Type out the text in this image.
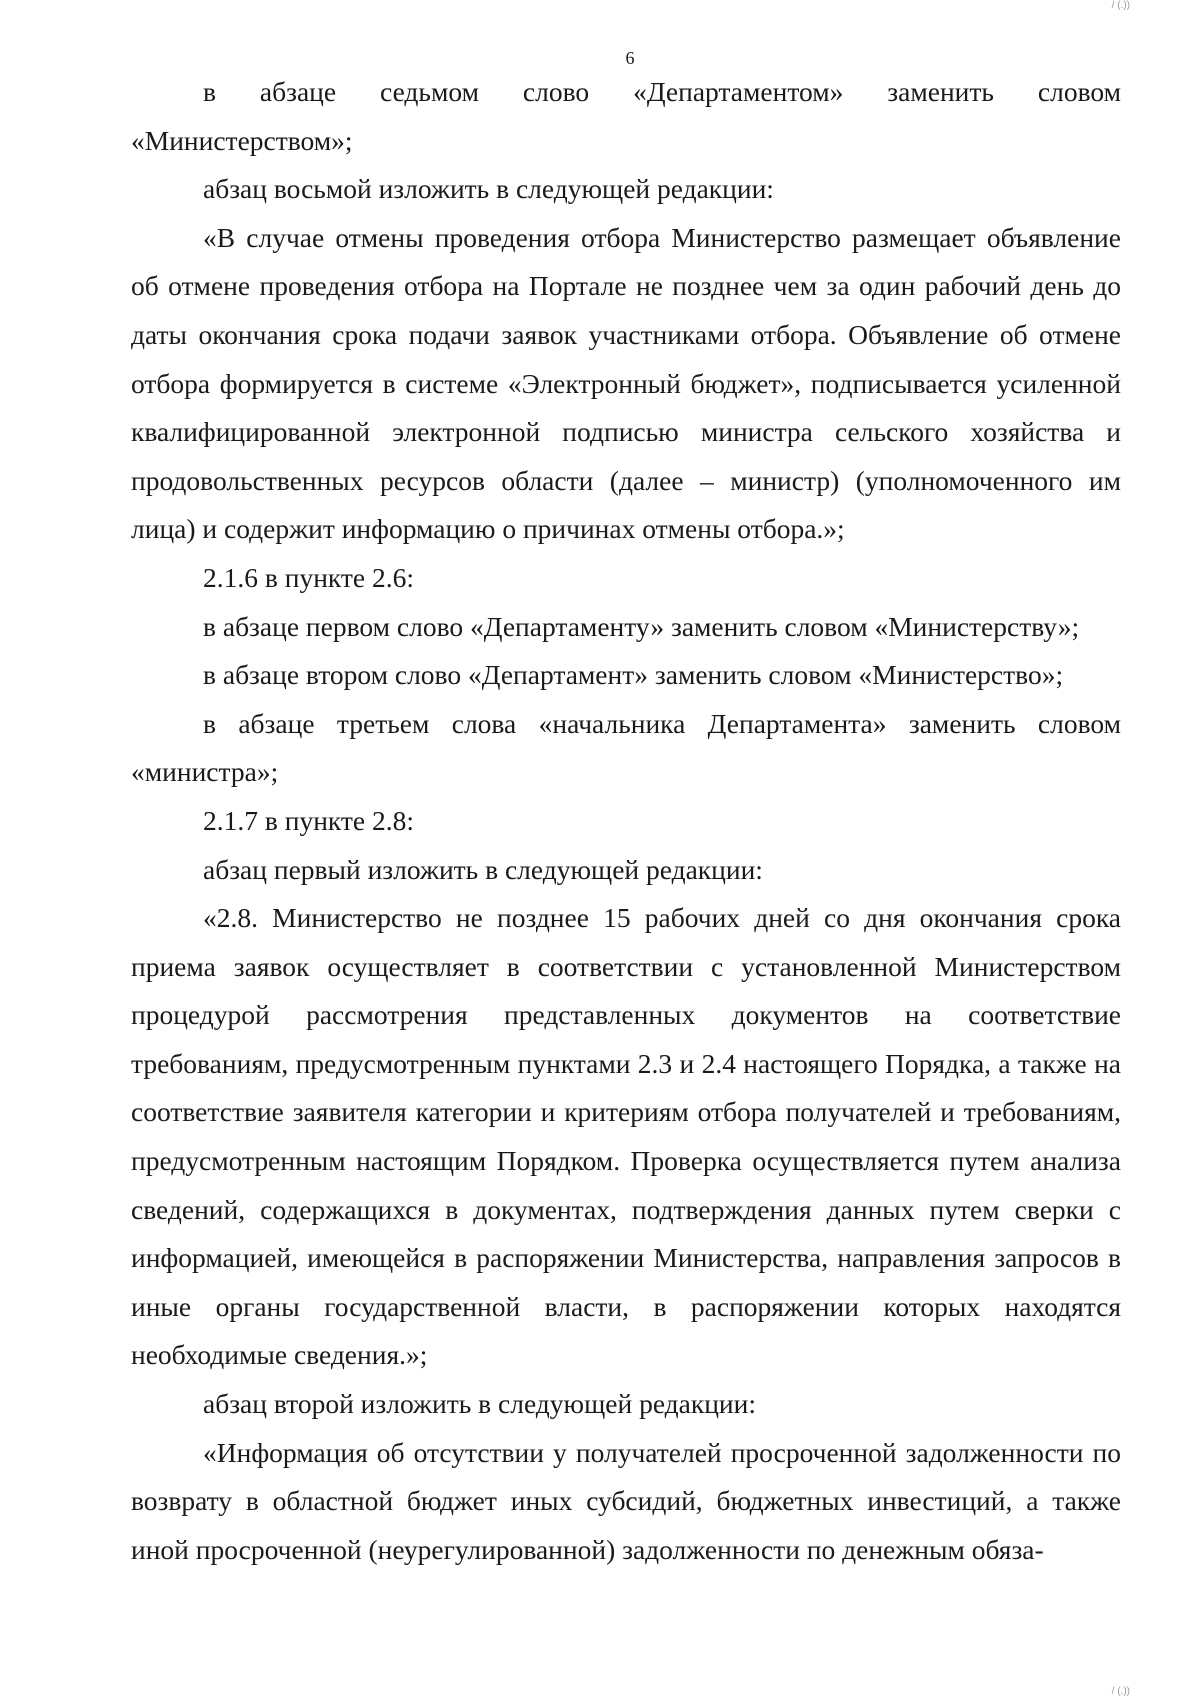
/ (.))
6

в абзаце седьмом слово «Департаментом» заменить словом «Министерством»;

абзац восьмой изложить в следующей редакции:

«В случае отмены проведения отбора Министерство размещает объявление об отмене проведения отбора на Портале не позднее чем за один рабочий день до даты окончания срока подачи заявок участниками отбора. Объявление об отмене отбора формируется в системе «Электронный бюджет», подписывается усиленной квалифицированной электронной подписью министра сельского хозяйства и продовольственных ресурсов области (далее – министр) (уполномоченного им лица) и содержит информацию о причинах отмены отбора.»;

2.1.6 в пункте 2.6:

в абзаце первом слово «Департаменту» заменить словом «Министерству»;

в абзаце втором слово «Департамент» заменить словом «Министерство»;

в абзаце третьем слова «начальника Департамента» заменить словом «министра»;

2.1.7 в пункте 2.8:

абзац первый изложить в следующей редакции:

«2.8. Министерство не позднее 15 рабочих дней со дня окончания срока приема заявок осуществляет в соответствии с установленной Министерством процедурой рассмотрения представленных документов на соответствие требованиям, предусмотренным пунктами 2.3 и 2.4 настоящего Порядка, а также на соответствие заявителя категории и критериям отбора получателей и требованиям, предусмотренным настоящим Порядком. Проверка осуществляется путем анализа сведений, содержащихся в документах, подтверждения данных путем сверки с информацией, имеющейся в распоряжении Министерства, направления запросов в иные органы государственной власти, в распоряжении которых находятся необходимые сведения.»;

абзац второй изложить в следующей редакции:

«Информация об отсутствии у получателей просроченной задолженности по возврату в областной бюджет иных субсидий, бюджетных инвестиций, а также иной просроченной (неурегулированной) задолженности по денежным обяза-

/ (.))
